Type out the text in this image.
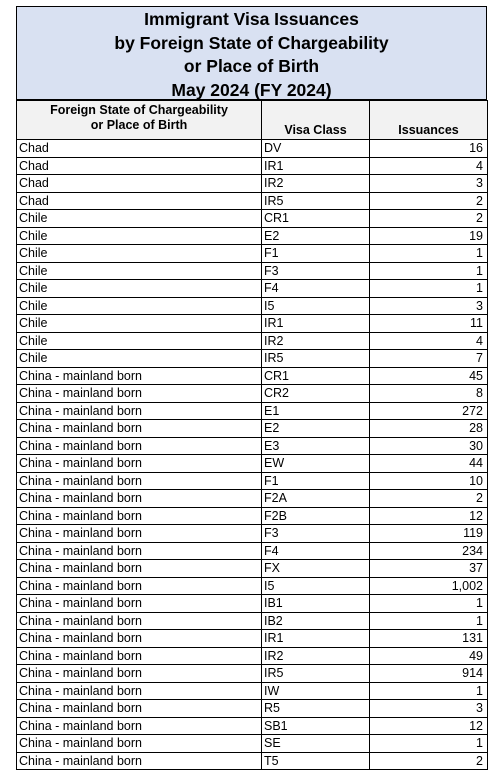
Immigrant Visa Issuances
by Foreign State of Chargeability
or Place of Birth
May 2024 (FY 2024)
Foreign State of Chargeability
or Place of Birth	Visa Class	Issuances
Chad	DV	16
Chad	IR1	4
Chad	IR2	3
Chad	IR5	2
Chile	CR1	2
Chile	E2	19
Chile	F1	1
Chile	F3	1
Chile	F4	1
Chile	I5	3
Chile	IR1	11
Chile	IR2	4
Chile	IR5	7
China - mainland born	CR1	45
China - mainland born	CR2	8
China - mainland born	E1	272
China - mainland born	E2	28
China - mainland born	E3	30
China - mainland born	EW	44
China - mainland born	F1	10
China - mainland born	F2A	2
China - mainland born	F2B	12
China - mainland born	F3	119
China - mainland born	F4	234
China - mainland born	FX	37
China - mainland born	I5	1,002
China - mainland born	IB1	1
China - mainland born	IB2	1
China - mainland born	IR1	131
China - mainland born	IR2	49
China - mainland born	IR5	914
China - mainland born	IW	1
China - mainland born	R5	3
China - mainland born	SB1	12
China - mainland born	SE	1
China - mainland born	T5	2
